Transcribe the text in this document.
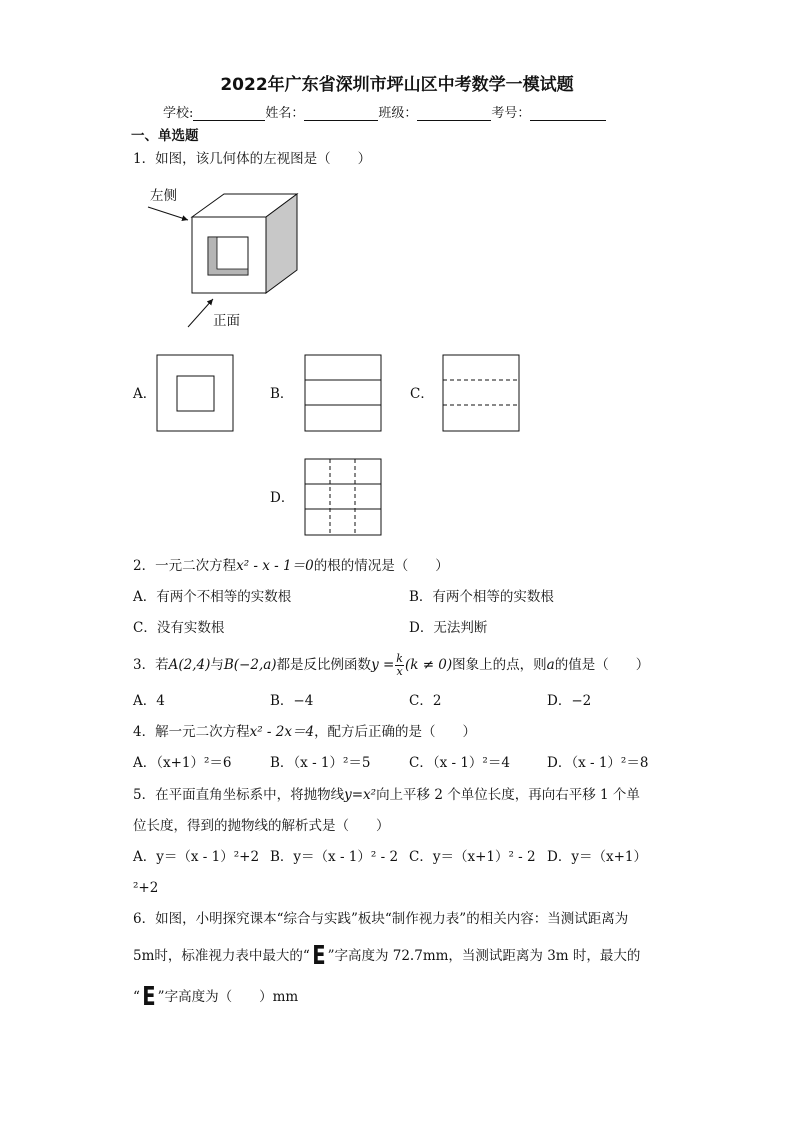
2022年广东省深圳市坪山区中考数学一模试题
学校:	姓名：	班级：	考号：
一、单选题
1．如图，该几何体的左视图是（　　）
左侧
正面
A．	B．	C．
D．
2．一元二次方程x² - x - 1＝0的根的情况是（　　）
A．有两个不相等的实数根	B．有两个相等的实数根
C．没有实数根	D．无法判断
3．若A(2,4)与B(−2,a)都是反比例函数$y = \frac{k}{x} (k \ne 0)$图象上的点，则a的值是（　　）
A．4	B．−4	C．2	D．−2
4．解一元二次方程x² - 2x＝4，配方后正确的是（　　）
A．（x+1）²＝6	B．（x - 1）²＝5	C．（x - 1）²＝4	D．（x - 1）²＝8
5．在平面直角坐标系中，将抛物线y=x²向上平移 2 个单位长度，再向右平移 1 个单
位长度，得到的抛物线的解析式是（　　）
A．y＝（x - 1）²+2 B．y＝（x - 1）² - 2 C．y＝（x+1）² - 2 D．y＝（x+1）
²+2
6．如图，小明探究课本“综合与实践”板块“制作视力表”的相关内容：当测试距离为
5m时，标准视力表中最大的“E ”字高度为 72.7mm，当测试距离为 3m 时，最大的
“E ”字高度为（　　）mm
